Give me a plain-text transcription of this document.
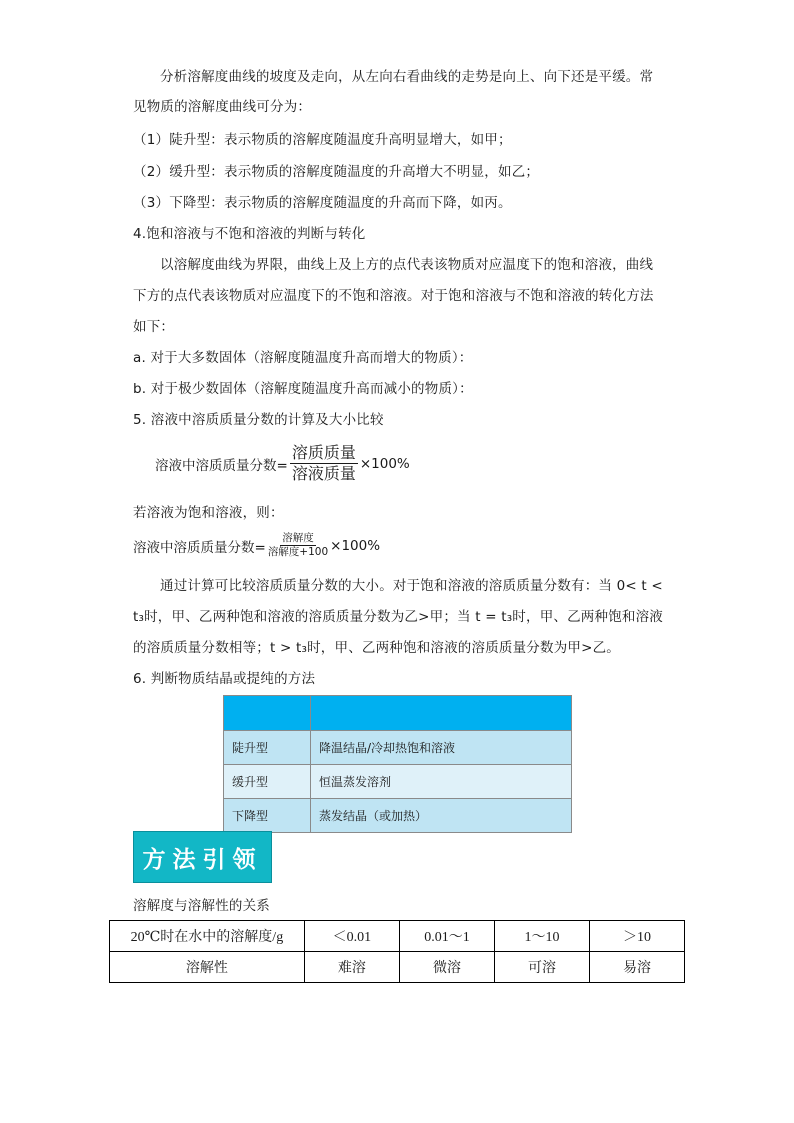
分析溶解度曲线的坡度及走向，从左向右看曲线的走势是向上、向下还是平缓。常
见物质的溶解度曲线可分为：
（1）陡升型：表示物质的溶解度随温度升高明显增大，如甲；
（2）缓升型：表示物质的溶解度随温度的升高增大不明显，如乙；
（3）下降型：表示物质的溶解度随温度的升高而下降，如丙。
4.饱和溶液与不饱和溶液的判断与转化
以溶解度曲线为界限，曲线上及上方的点代表该物质对应温度下的饱和溶液，曲线
下方的点代表该物质对应温度下的不饱和溶液。对于饱和溶液与不饱和溶液的转化方法
如下：
a. 对于大多数固体（溶解度随温度升高而增大的物质）：
b. 对于极少数固体（溶解度随温度升高而减小的物质）：
5. 溶液中溶质质量分数的计算及大小比较
溶液中溶质质量分数= $\frac{\text{溶质质量}}{\text{溶液质量}} \times 100\%$
若溶液为饱和溶液，则：
溶液中溶质质量分数= $\frac{\text{溶解度}}{\text{溶解度+100}} \times 100\%$
通过计算可比较溶质质量分数的大小。对于饱和溶液的溶质质量分数有：当 0< t <
t₃时，甲、乙两种饱和溶液的溶质质量分数为乙>甲；当 t = t₃时，甲、乙两种饱和溶液
的溶质质量分数相等；t > t₃时，甲、乙两种饱和溶液的溶质质量分数为甲>乙。
6. 判断物质结晶或提纯的方法

陡升型	降温结晶/冷却热饱和溶液
缓升型	恒温蒸发溶剂
下降型	蒸发结晶（或加热）
方法引领
溶解度与溶解性的关系
20℃时在水中的溶解度/g	＜0.01	0.01～1	1～10	＞10
溶解性	难溶	微溶	可溶	易溶
